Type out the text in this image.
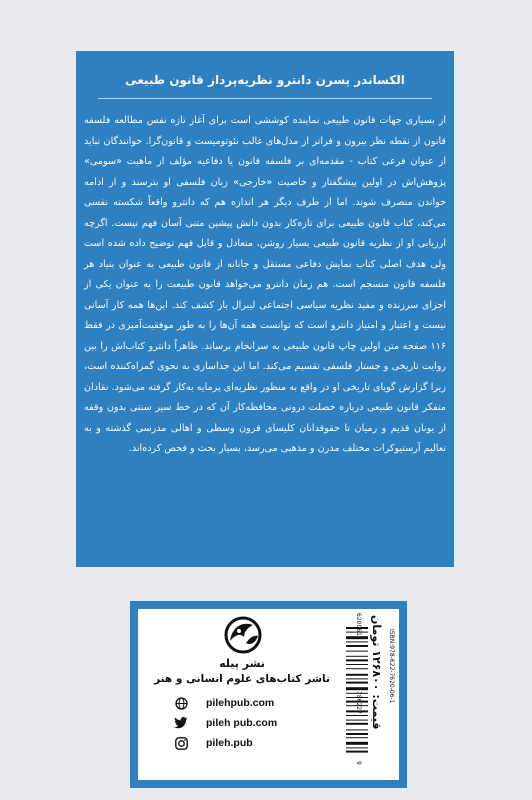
الکساندر پسرن دانترو نظریه‌پرداز قانون طبیعی

از بسیاری جهات قانون طبیعی نماینده کوششی است برای آغاز تازه نفس مطالعه فلسفه قانون از نقطه نظر بیرون و فراتر از مدل‌های غالب نئوتومیست و قانون‌گرا. خوانندگان نباید از عنوان فرعی کتاب - مقدمه‌ای بر فلسفه قانون یا دفاعیه مؤلف از ماهیت «سومی» پژوهش‌اش در اولین پیشگفتار و خاصیت «خارجی» زبان فلسفی او بترسند و از ادامه خواندن منصرف شوند. اما از طرف دیگر هر اندازه هم که دانترو واقعاً شکسته نفسی می‌کند، کتاب قانون طبیعی برای تازه‌کار بدون دانش پیشین متنی آسان فهم نیست. اگرچه ارزیابی او از نظریه قانون طبیعی بسیار روشن، متعادل و قابل فهم توضیح داده شده است ولی هدف اصلی کتاب نمایش دفاعی مستقل و جانانه از قانون طبیعی به عنوان بنیاد هر فلسفه قانون منسجم است. هم زمان دانترو می‌خواهد قانون طبیعت را به عنوان یکی از اجزای سرزنده و مفید نظریه سیاسی اجتماعی لیبرال باز کشف کند. این‌ها همه کار آسانی نیست و اعتبار و امتیاز دانترو است که توانست همه آن‌ها را به طور موفقیت‌آمیزی در فقط ۱۱۶ صفحه متن اولین چاپ قانون طبیعی به سرانجام برساند. ظاهراً دانترو کتاب‌اش را بین روایت تاریخی و جستار فلسفی تقسیم می‌کند. اما این جداسازی به نحوی گمراه‌کننده است، زیرا گزارش گویای تاریخی او در واقع به منظور نظریه‌ای پرمایه به‌کار گرفته می‌شود. نقادان متفکر قانون طبیعی درباره خصلت درونی محافظه‌کار آن که در خط سیر سنتی بدون وقفه از یونان قدیم و رمیان تا حقوقدانان کلیسای قرون وسطی و اهالی مدرسی گذشته و به تعالیم آرستیوکرات مختلف مدرن و مذهبی می‌رسد، بسیار بحث و فحص کرده‌اند.

نشر پیله
ناشر کتاب‌های علوم انسانی و هنر
pilehpub.com
pileh pub.com
pileh.pub
قیمت: ۱۲۶۸۰۰ تومان
ISBN:978-622-7620-06-1
620061
786227
9
